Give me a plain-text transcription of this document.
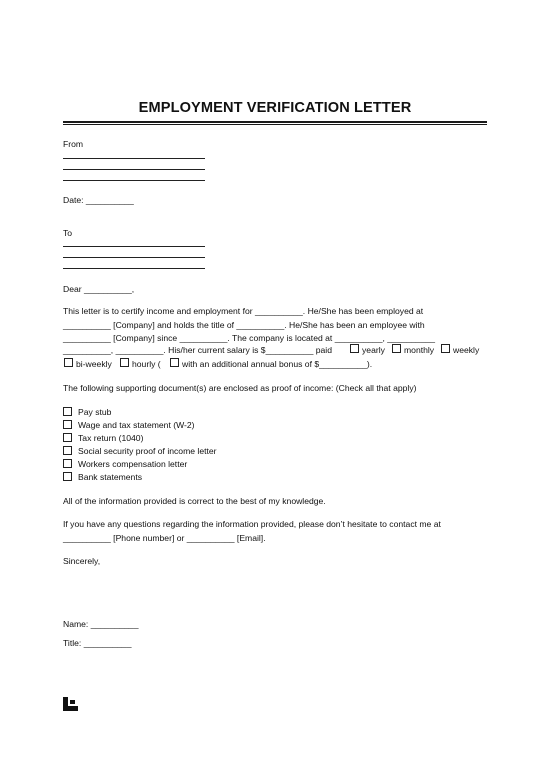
EMPLOYMENT VERIFICATION LETTER
From
Date: __________
To
Dear __________,
This letter is to certify income and employment for __________. He/She has been employed at
__________ [Company] and holds the title of __________. He/She has been an employee with
__________ [Company] since __________. The company is located at __________, __________
__________, __________. His/her current salary is $__________ paid	yearly monthly weekly
bi-weekly hourly ( with an additional annual bonus of $__________).
The following supporting document(s) are enclosed as proof of income: (Check all that apply)
Pay stub
Wage and tax statement (W-2)
Tax return (1040)
Social security proof of income letter
Workers compensation letter
Bank statements
All of the information provided is correct to the best of my knowledge.
If you have any questions regarding the information provided, please don’t hesitate to contact me at
__________ [Phone number] or __________ [Email].
Sincerely,
Name: __________
Title: __________
